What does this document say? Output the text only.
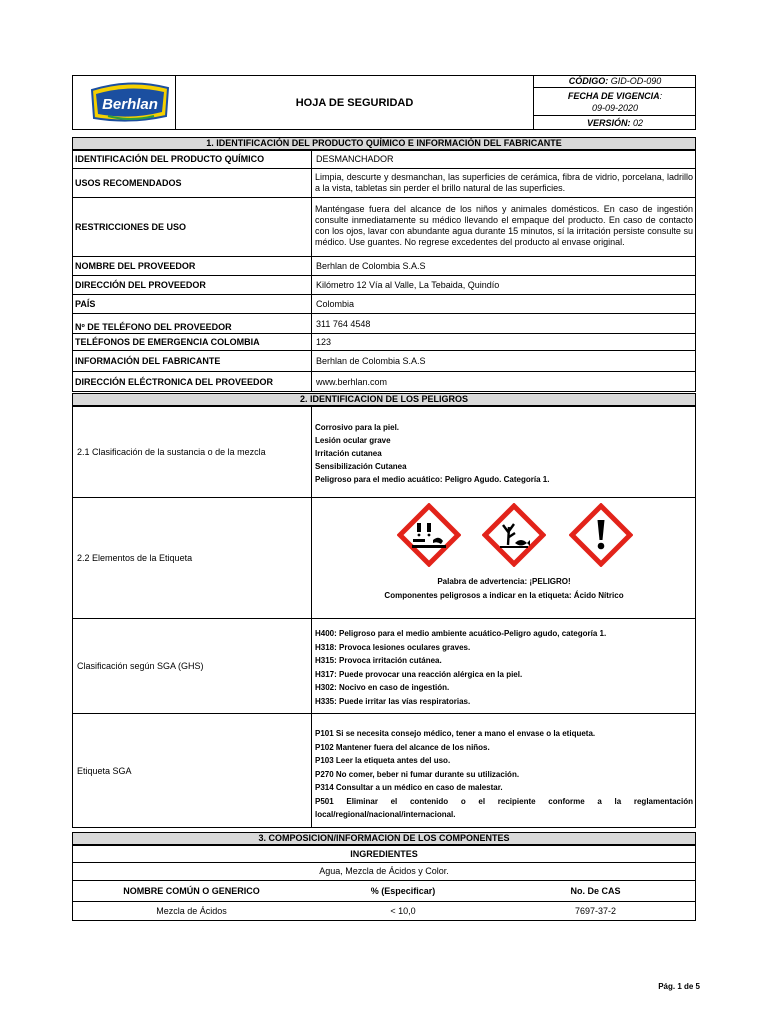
Berhlan	HOJA DE SEGURIDAD
CÓDIGO: GID-OD-090
FECHA DE VIGENCIA:
09-09-2020
VERSIÓN: 02
1. IDENTIFICACIÓN DEL PRODUCTO QUÍMICO E INFORMACIÓN DEL FABRICANTE
IDENTIFICACIÓN DEL PRODUCTO QUÍMICO	DESMANCHADOR
USOS RECOMENDADOS
Limpia, descurte y desmanchan, las superficies de cerámica, fibra de vidrio, porcelana, ladrillo a la vista, tabletas sin perder el brillo natural de las superficies.
RESTRICCIONES DE USO
Manténgase fuera del alcance de los niños y animales domésticos. En caso de ingestión consulte inmediatamente su médico llevando el empaque del producto. En caso de contacto con los ojos, lavar con abundante agua durante 15 minutos, sí la irritación persiste consulte su médico. Use guantes. No regrese excedentes del producto al envase original.
NOMBRE DEL PROVEEDOR	Berhlan de Colombia S.A.S
DIRECCIÓN DEL PROVEEDOR	Kilómetro 12 Vía al Valle, La Tebaida, Quindío
PAÍS	Colombia
Nº DE TELÉFONO DEL PROVEEDOR	311 764 4548
TELÉFONOS DE EMERGENCIA COLOMBIA	123
INFORMACIÓN DEL FABRICANTE	Berhlan de Colombia S.A.S
DIRECCIÓN ELÉCTRONICA DEL PROVEEDOR	www.berhlan.com
2. IDENTIFICACION DE LOS PELIGROS
2.1 Clasificación de la sustancia o de la mezcla
Corrosivo para la piel.
Lesión ocular grave
Irritación cutanea
Sensibilización Cutanea
Peligroso para el medio acuático: Peligro Agudo. Categoría 1.
2.2 Elementos de la Etiqueta
Palabra de advertencia: ¡PELIGRO!
Componentes peligrosos a indicar en la etiqueta: Ácido Nítrico
Clasificación según SGA (GHS)
H400: Peligroso para el medio ambiente acuático-Peligro agudo, categoría 1.
H318: Provoca lesiones oculares graves.
H315: Provoca irritación cutánea.
H317: Puede provocar una reacción alérgica en la piel.
H302: Nocivo en caso de ingestión.
H335: Puede irritar las vías respiratorias.
Etiqueta SGA
P101 Si se necesita consejo médico, tener a mano el envase o la etiqueta.
P102 Mantener fuera del alcance de los niños.
P103 Leer la etiqueta antes del uso.
P270 No comer, beber ni fumar durante su utilización.
P314 Consultar a un médico en caso de malestar.
P501 Eliminar el contenido o el recipiente conforme a la reglamentación local/regional/nacional/internacional.
3. COMPOSICION/INFORMACION DE LOS COMPONENTES
INGREDIENTES
Agua, Mezcla de Ácidos y Color.
NOMBRE COMÚN O GENERICO	% (Especificar)	No. De CAS
Mezcla de Ácidos	< 10,0	7697-37-2
Pág. 1 de 5
